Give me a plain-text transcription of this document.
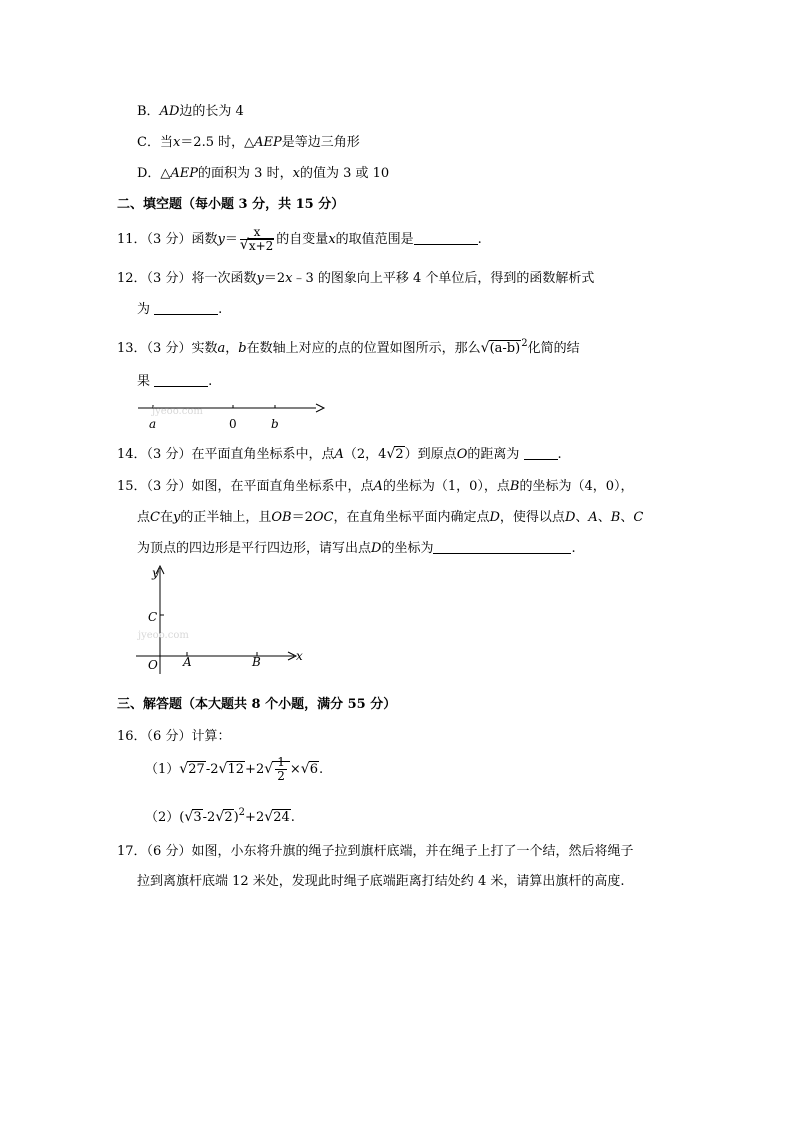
B．AD边的长为 4
C．当x＝2.5 时，△AEP是等边三角形
D．△AEP的面积为 3 时，x的值为 3 或 10
二、填空题（每小题 3 分，共 15 分）
11．（3 分）函数$y= \frac{x}{√ x+2}$ 的自变量x的取值范围是	.
12．（3 分）将一次函数y＝2x﹣3 的图象向上平移 4 个单位后，得到的函数解析式
为	.
13．（3 分）实数a，b在数轴上对应的点的位置如图所示，那么 √ $(a-b)^2$化简的结
果	.
jyeoo.com
a	0	b
14．（3 分）在平面直角坐标系中，点A（2，4 √ 2）到原点O的距离为	.
15．（3 分）如图，在平面直角坐标系中，点A的坐标为（1，0），点B的坐标为（4，0），
点C在y的正半轴上，且OB＝2OC，在直角坐标平面内确定点D，使得以点D、A、B、C
为顶点的四边形是平行四边形，请写出点D的坐标为	.
jyeoo.com
y
C
O A	B	x
三、解答题（本大题共 8 个小题，满分 55 分）
16．（6 分）计算：
（1） √ 27-2 √ 12+2 √ $\frac{1}{2}$ × √ 6.
（2）( √ 3-2 √ 2)$^2$+2 √ 24.
17．（6 分）如图，小东将升旗的绳子拉到旗杆底端，并在绳子上打了一个结，然后将绳子
拉到离旗杆底端 12 米处，发现此时绳子底端距离打结处约 4 米，请算出旗杆的高度.
